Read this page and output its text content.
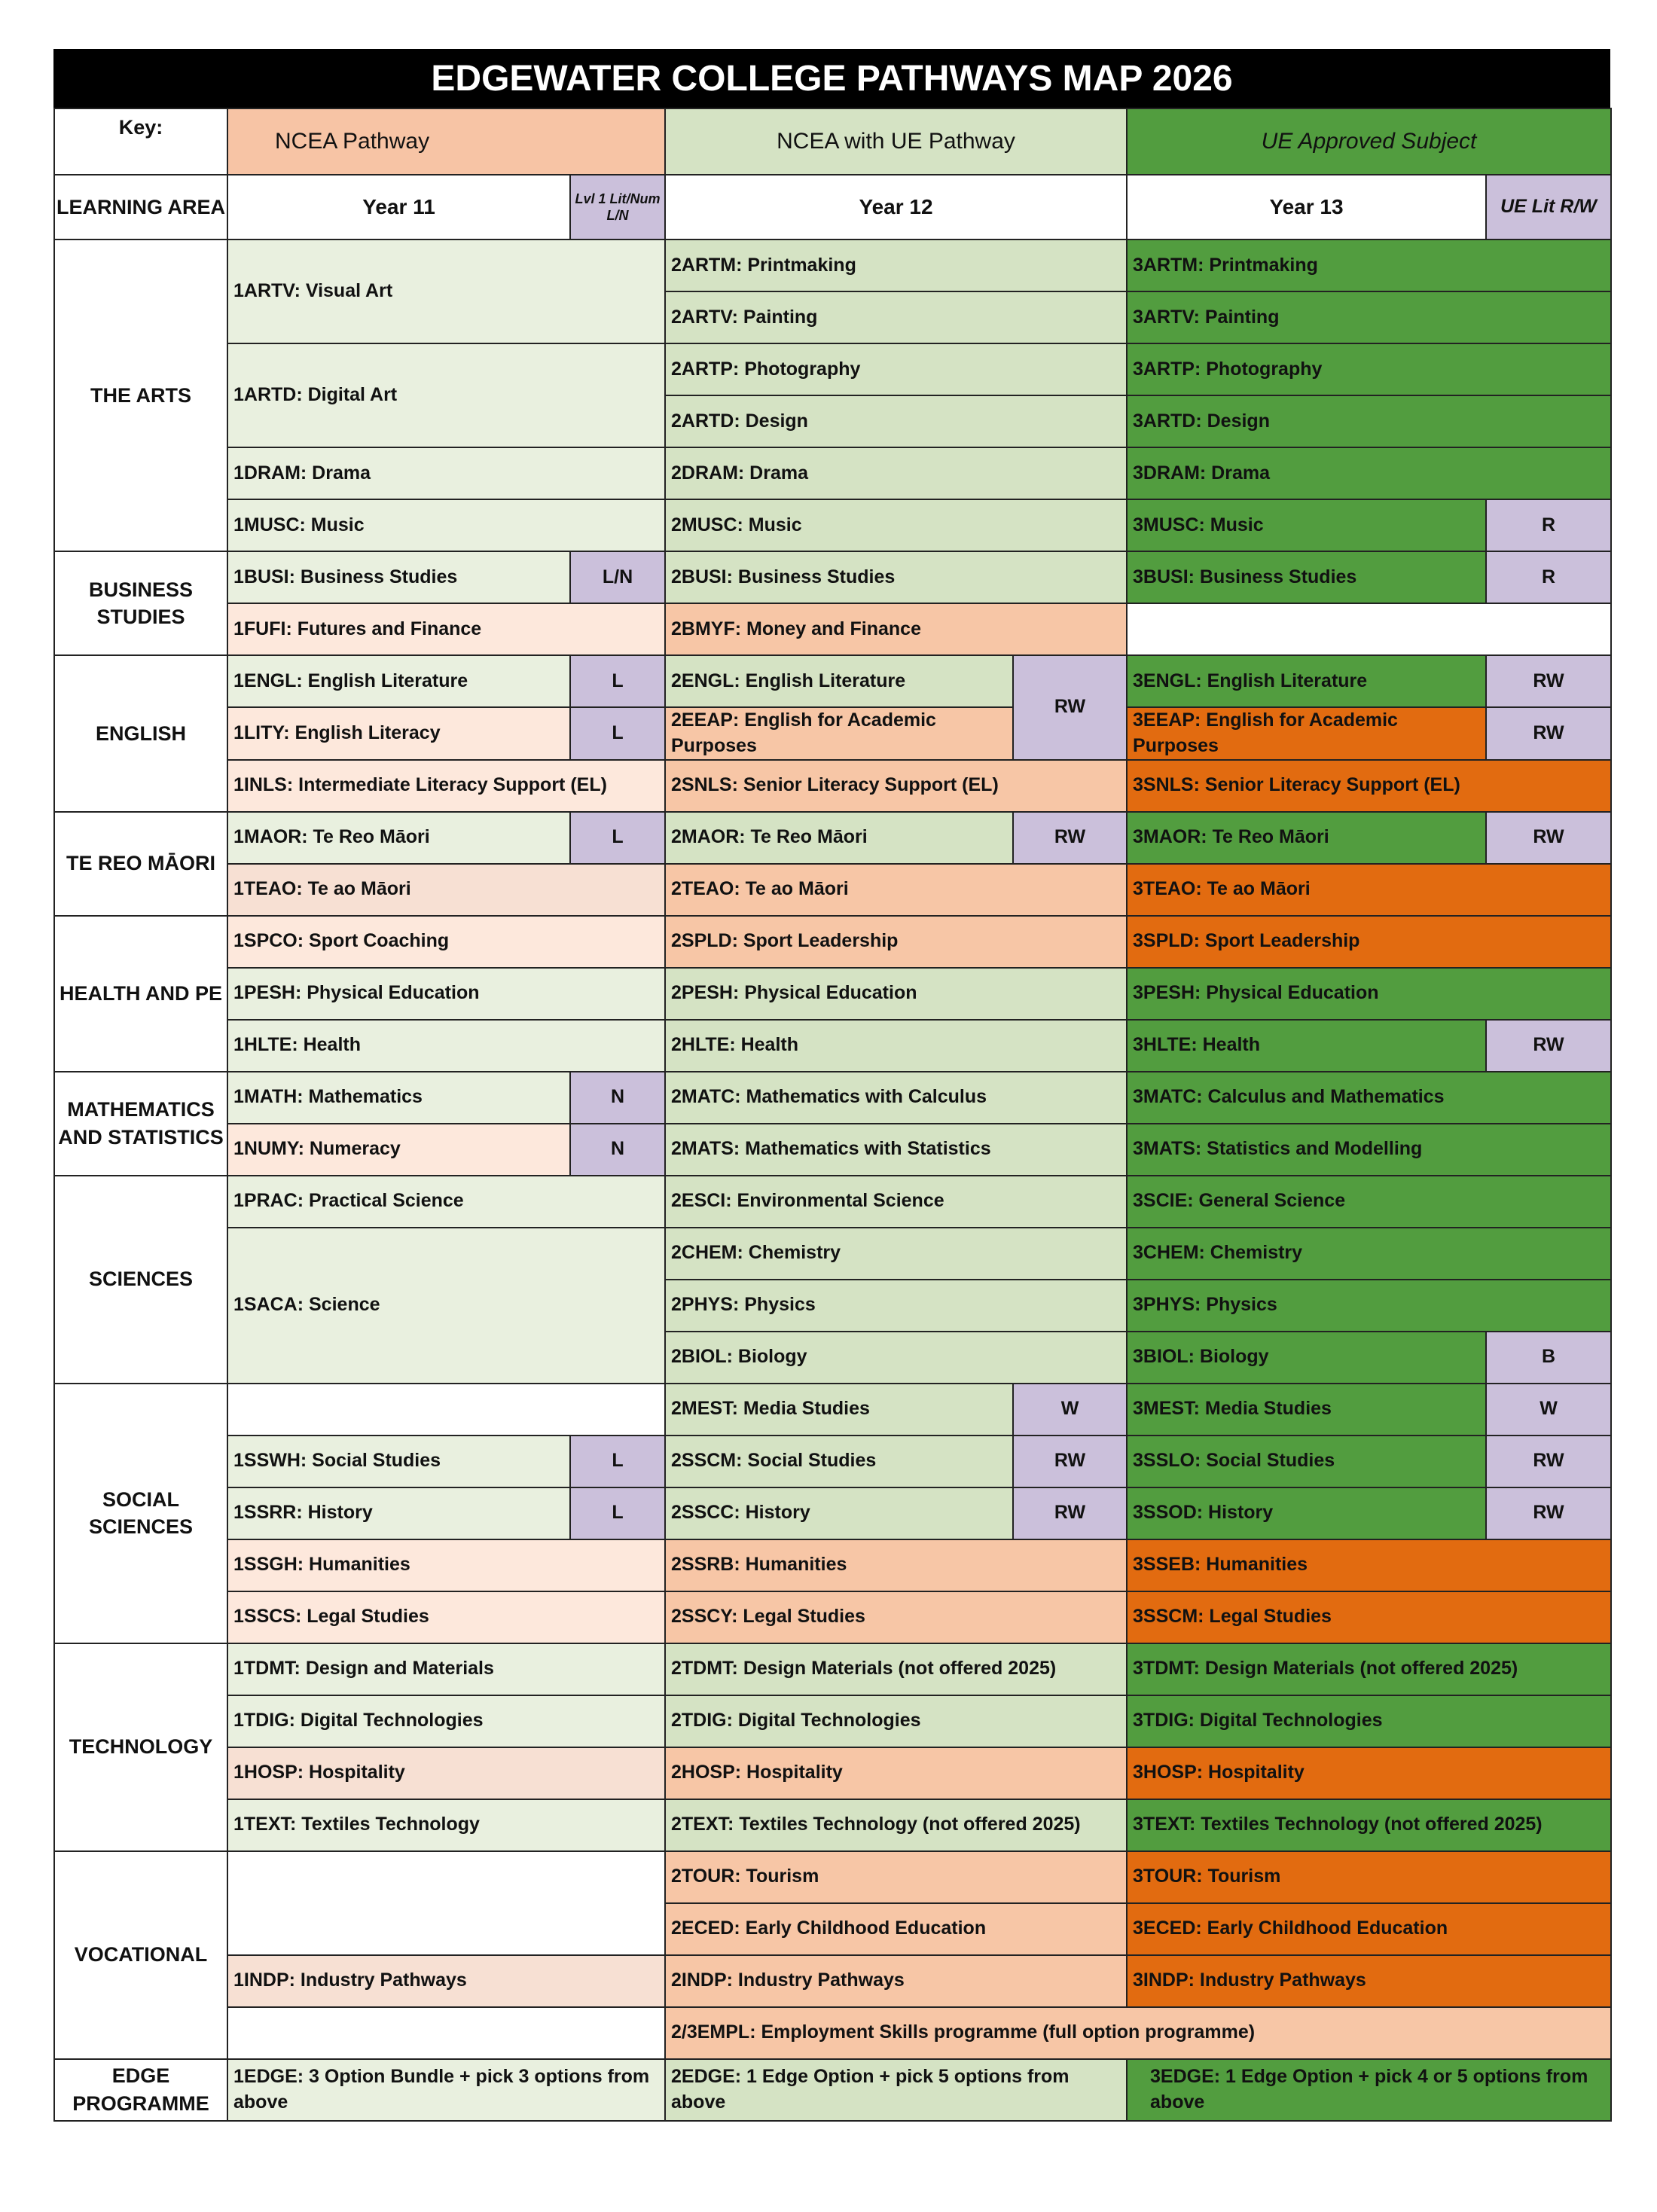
EDGEWATER COLLEGE PATHWAYS MAP 2026
Key:	NCEA Pathway		NCEA with UE Pathway		UE Approved Subject	
LEARNING AREA	Year 11	Lvl 1 Lit/Num L/N	Year 12		Year 13	UE Lit R/W
THE ARTS	1ARTV: Visual Art		2ARTM: Printmaking		3ARTM: Printmaking	
			2ARTV: Painting		3ARTV: Painting	
	1ARTD: Digital Art		2ARTP: Photography		3ARTP: Photography	
			2ARTD: Design		3ARTD: Design	
	1DRAM: Drama		2DRAM: Drama		3DRAM: Drama	
	1MUSC: Music		2MUSC: Music		3MUSC: Music	R
BUSINESS STUDIES	1BUSI: Business Studies	L/N	2BUSI: Business Studies		3BUSI: Business Studies	R
	1FUFI: Futures and Finance		2BMYF: Money and Finance			
ENGLISH	1ENGL: English Literature	L	2ENGL: English Literature	RW	3ENGL: English Literature	RW
	1LITY: English Literacy	L	2EEAP: English for Academic Purposes		3EEAP: English for Academic Purposes	RW
	1INLS: Intermediate Literacy Support (EL)		2SNLS: Senior Literacy Support (EL)		3SNLS: Senior Literacy Support (EL)	
TE REO MĀORI	1MAOR: Te Reo Māori	L	2MAOR: Te Reo Māori	RW	3MAOR: Te Reo Māori	RW
	1TEAO: Te ao Māori		2TEAO: Te ao Māori		3TEAO: Te ao Māori	
HEALTH AND PE	1SPCO: Sport Coaching		2SPLD: Sport Leadership		3SPLD: Sport Leadership	
	1PESH: Physical Education		2PESH: Physical Education		3PESH: Physical Education	
	1HLTE: Health		2HLTE: Health		3HLTE: Health	RW
MATHEMATICS AND STATISTICS	1MATH: Mathematics	N	2MATC: Mathematics with Calculus		3MATC: Calculus and Mathematics	
	1NUMY: Numeracy	N	2MATS: Mathematics with Statistics		3MATS: Statistics and Modelling	
SCIENCES	1PRAC: Practical Science		2ESCI: Environmental Science		3SCIE: General Science	
	1SACA: Science		2CHEM: Chemistry		3CHEM: Chemistry	
			2PHYS: Physics		3PHYS: Physics	
			2BIOL: Biology		3BIOL: Biology	B
SOCIAL SCIENCES			2MEST: Media Studies	W	3MEST: Media Studies	W
	1SSWH: Social Studies	L	2SSCM: Social Studies	RW	3SSLO: Social Studies	RW
	1SSRR: History	L	2SSCC: History	RW	3SSOD: History	RW
	1SSGH: Humanities		2SSRB: Humanities		3SSEB: Humanities	
	1SSCS: Legal Studies		2SSCY: Legal Studies		3SSCM: Legal Studies	
TECHNOLOGY	1TDMT: Design and Materials		2TDMT: Design Materials (not offered 2025)		3TDMT: Design Materials (not offered 2025)	
	1TDIG: Digital Technologies		2TDIG: Digital Technologies		3TDIG: Digital Technologies	
	1HOSP: Hospitality		2HOSP: Hospitality		3HOSP: Hospitality	
	1TEXT: Textiles Technology		2TEXT: Textiles Technology (not offered 2025)		3TEXT: Textiles Technology (not offered 2025)	
VOCATIONAL			2TOUR: Tourism		3TOUR: Tourism	
			2ECED: Early Childhood Education		3ECED: Early Childhood Education	
	1INDP: Industry Pathways		2INDP: Industry Pathways		3INDP: Industry Pathways	
			2/3EMPL: Employment Skills programme (full option programme)			
EDGE PROGRAMME	1EDGE: 3 Option Bundle + pick 3 options from above		2EDGE: 1 Edge Option + pick 5 options from above		3EDGE: 1 Edge Option + pick 4 or 5 options from above	
